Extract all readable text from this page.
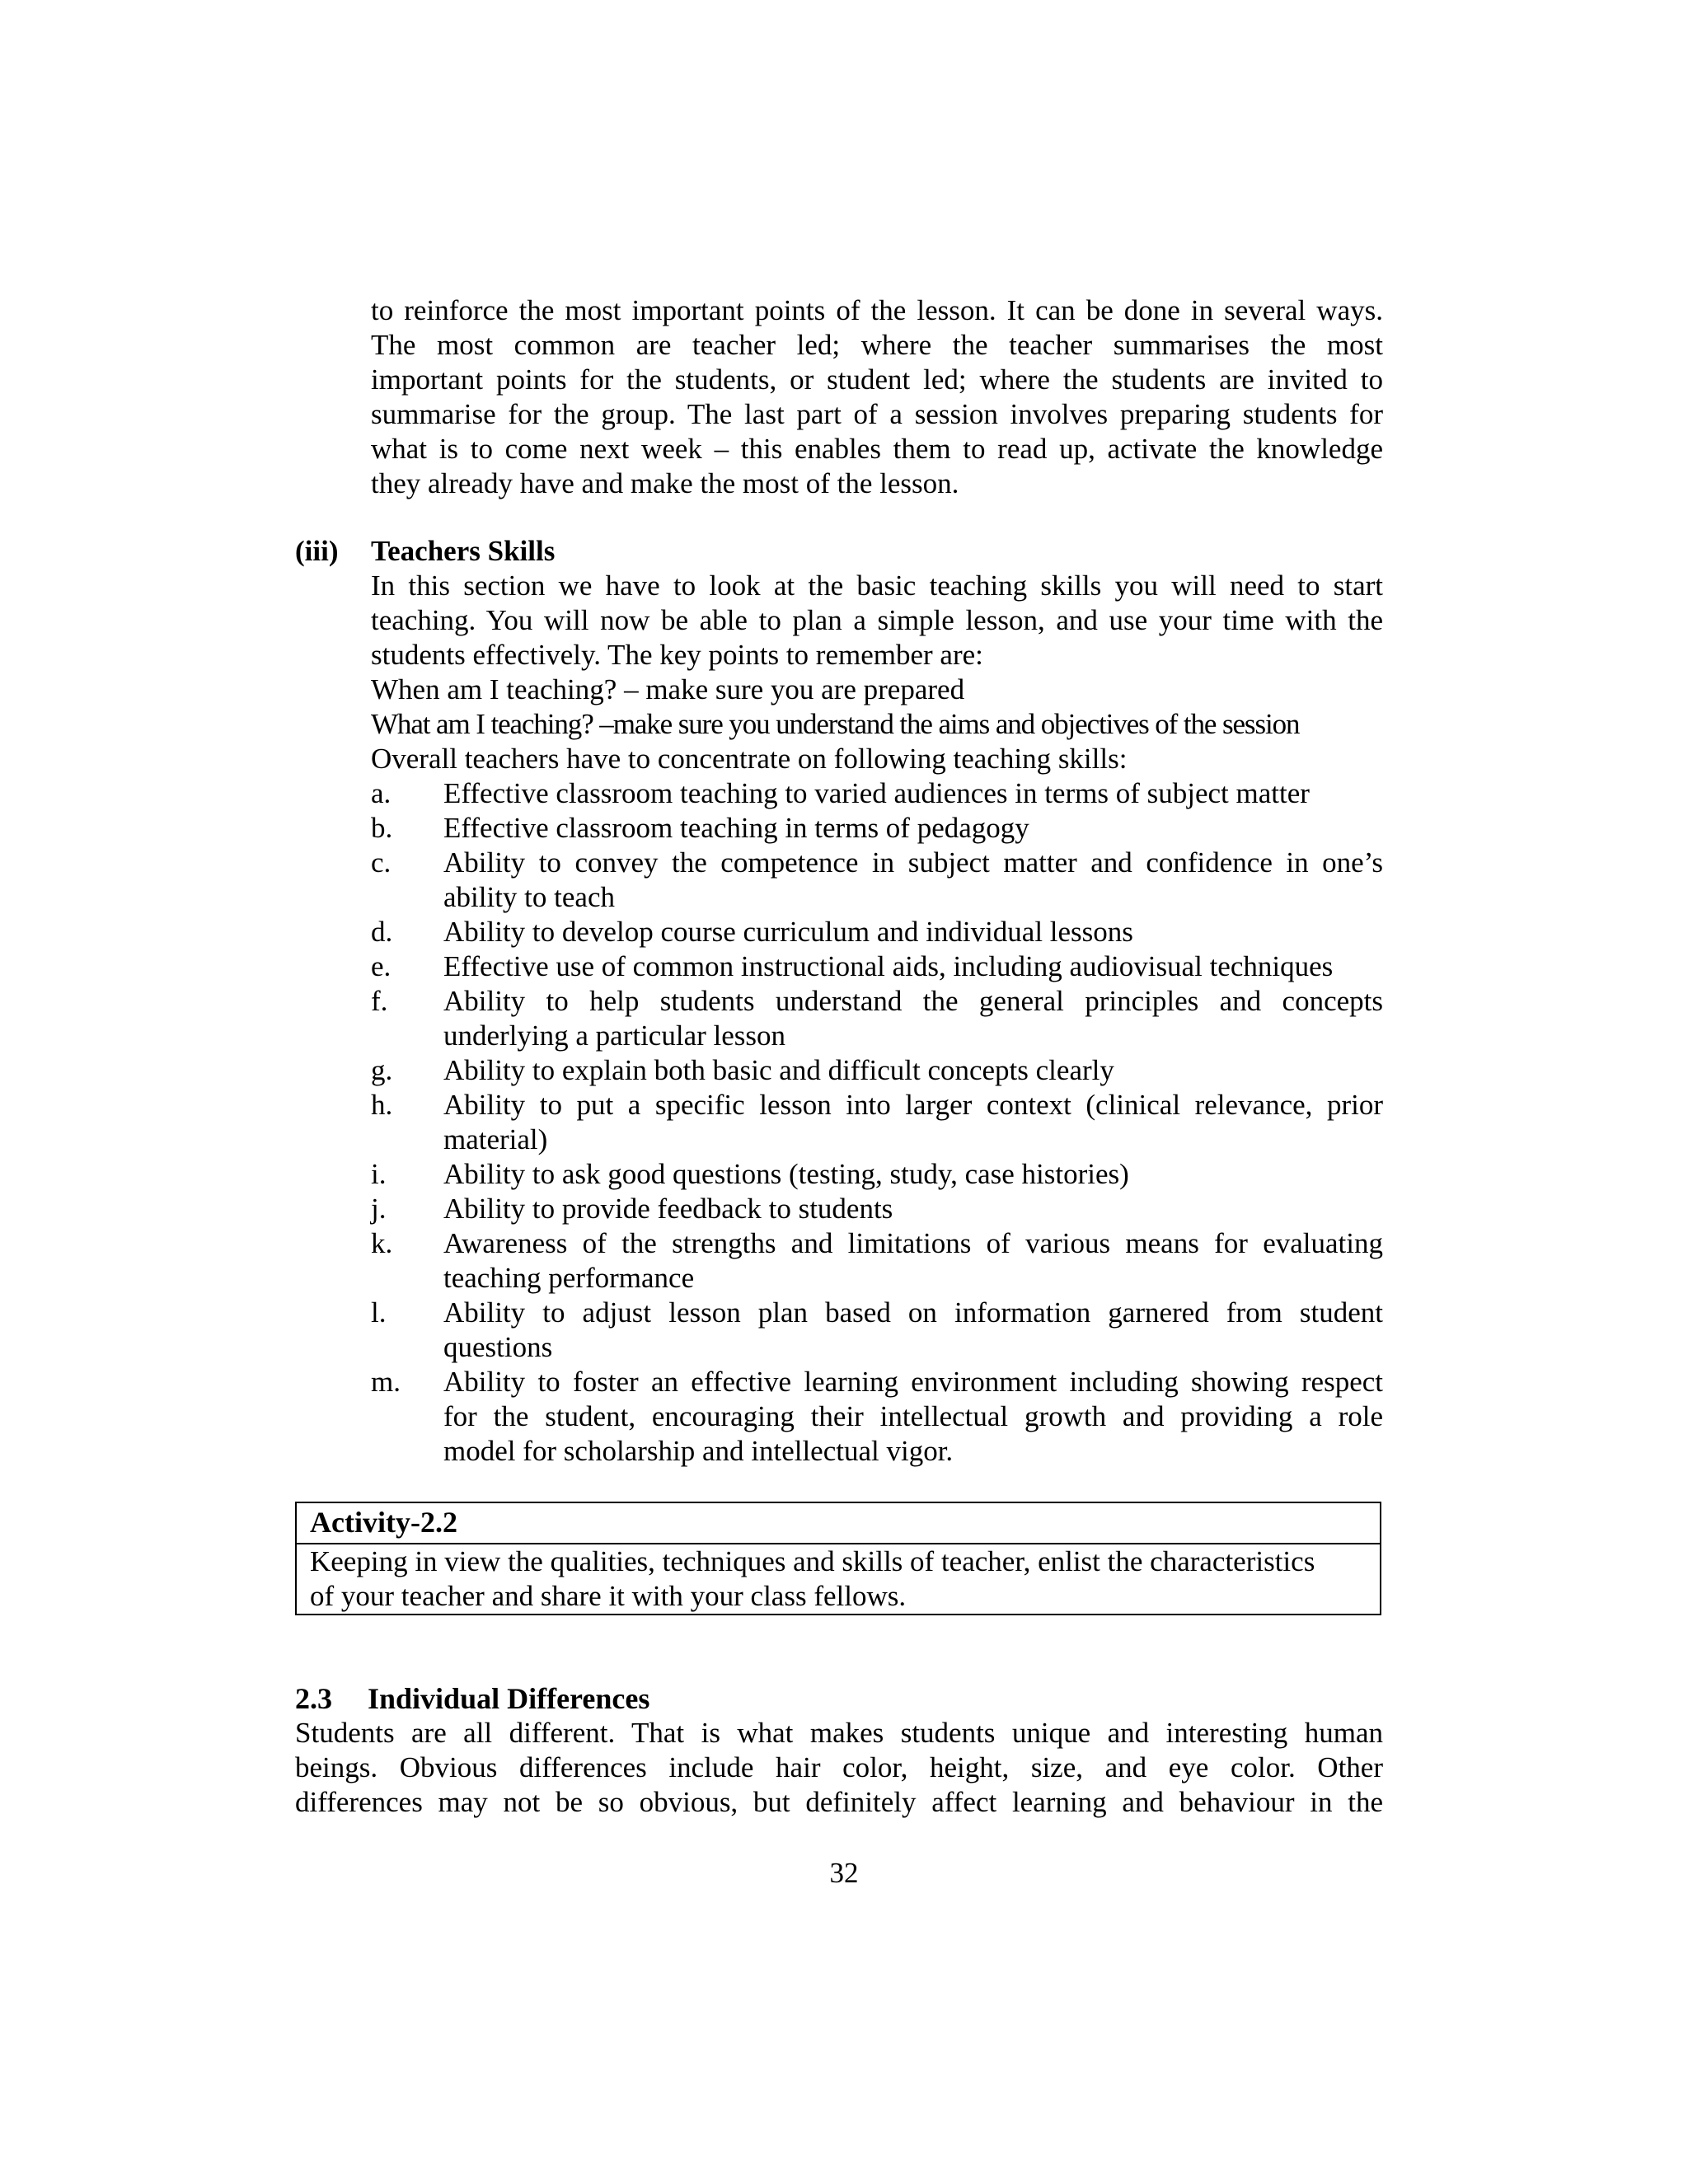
to reinforce the most important points of the lesson. It can be done in several ways.
The most common are teacher led; where the teacher summarises the most
important points for the students, or student led; where the students are invited to
summarise for the group. The last part of a session involves preparing students for
what is to come next week – this enables them to read up, activate the knowledge
they already have and make the most of the lesson.
(iii) Teachers Skills
In this section we have to look at the basic teaching skills you will need to start
teaching. You will now be able to plan a simple lesson, and use your time with the
students effectively. The key points to remember are:
When am I teaching? – make sure you are prepared
What am I teaching? –make sure you understand the aims and objectives of the session
Overall teachers have to concentrate on following teaching skills:
a. Effective classroom teaching to varied audiences in terms of subject matter
b. Effective classroom teaching in terms of pedagogy
c. Ability to convey the competence in subject matter and confidence in one’s
ability to teach
d. Ability to develop course curriculum and individual lessons
e. Effective use of common instructional aids, including audiovisual techniques
f. Ability to help students understand the general principles and concepts
underlying a particular lesson
g. Ability to explain both basic and difficult concepts clearly
h. Ability to put a specific lesson into larger context (clinical relevance, prior
material)
i. Ability to ask good questions (testing, study, case histories)
j. Ability to provide feedback to students
k. Awareness of the strengths and limitations of various means for evaluating
teaching performance
l. Ability to adjust lesson plan based on information garnered from student
questions
m. Ability to foster an effective learning environment including showing respect
for the student, encouraging their intellectual growth and providing a role
model for scholarship and intellectual vigor.
Activity-2.2
Keeping in view the qualities, techniques and skills of teacher, enlist the characteristics
of your teacher and share it with your class fellows.
2.3 Individual Differences
Students are all different. That is what makes students unique and interesting human
beings. Obvious differences include hair color, height, size, and eye color. Other
differences may not be so obvious, but definitely affect learning and behaviour in the
32
